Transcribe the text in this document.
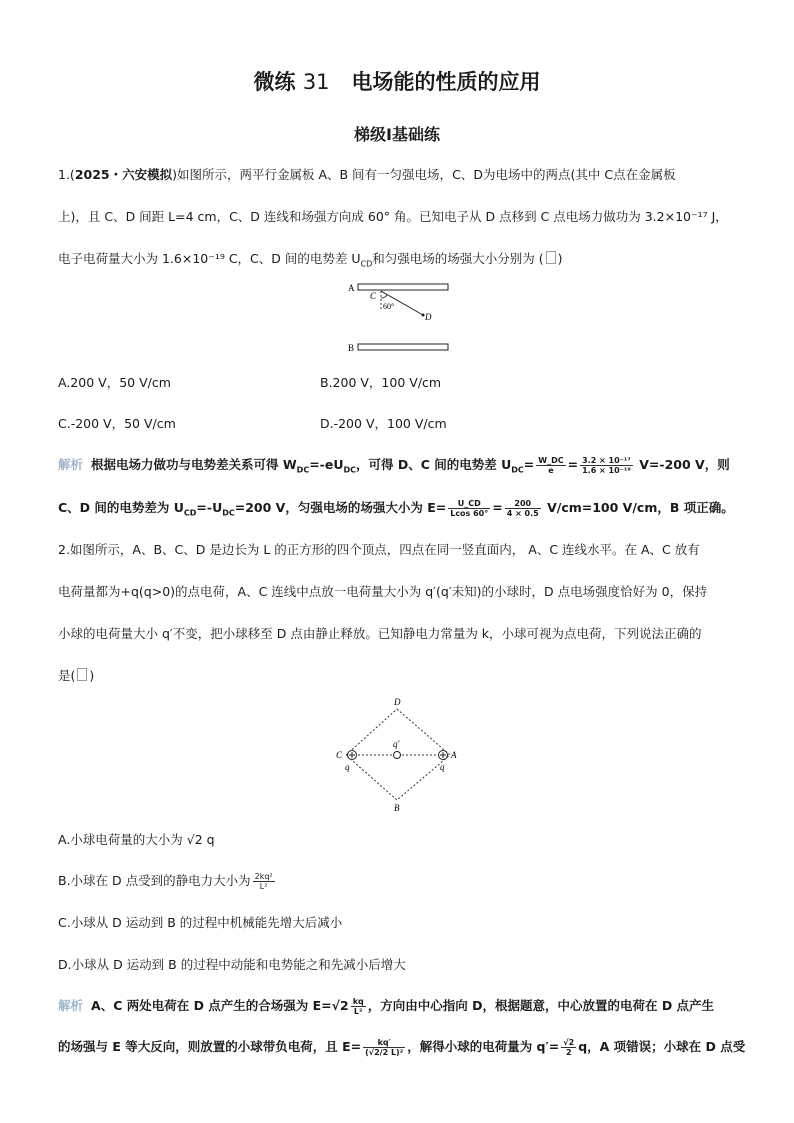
微练 31 电场能的性质的应用
梯级Ⅰ基础练
1.(2025・六安模拟)如图所示，两平行金属板 A、B 间有一匀强电场，C、D为电场中的两点(其中 C点在金属板
上)，且 C、D 间距 L=4 cm，C、D 连线和场强方向成 60° 角。已知电子从 D 点移到 C 点电场力做功为 3.2×10⁻¹⁷ J，
电子电荷量大小为 1.6×10⁻¹⁹ C，C、D 间的电势差 $U_{CD}$和匀强电场的场强大小分别为 ( )
A
B
C
D
60°
A.200 V，50 V/cm	B.200 V，100 V/cm
C.-200 V，50 V/cm	D.-200 V，100 V/cm
解析 根据电场力做功与电势差关系可得 $W_{DC}=-eU_{DC}$，可得 D、C 间的电势差 $U_{DC}= \frac{W\_DC}{e} = \frac{\text{3.2 × 10⁻¹⁷}}{\text{1.6 × 10⁻¹⁹}} V=-200$ V，则
C、D 间的电势差为 $U_{CD}=-U_{DC}=200$ V，匀强电场的场强大小为 $E= \frac{U\_CD}{Lcos 60^\circ} = \frac{200}{4 \times 0.5} V/cm=100$ V/cm，B 项正确。
2.如图所示，A、B、C、D 是边长为 L 的正方形的四个顶点，四点在同一竖直面内， A、C 连线水平。在 A、C 放有
电荷量都为+q(q>0)的点电荷，A、C 连线中点放一电荷量大小为 q′(q′未知)的小球时，D 点电场强度恰好为 0，保持
小球的电荷量大小 q′不变，把小球移至 D 点由静止释放。已知静电力常量为 k，小球可视为点电荷，下列说法正确的
是( )
D
B
C	A
q	q
q′
A.小球电荷量的大小为 √2 q
B.小球在 D 点受到的静电力大小为 $\frac{\text{2kq²}}{\text{L²}}$
C.小球从 D 运动到 B 的过程中机械能先增大后减小
D.小球从 D 运动到 B 的过程中动能和电势能之和先减小后增大
解析 A、C 两处电荷在 D 点产生的合场强为 $E=√2 \frac{kq}{\text{L²}}$ ，方向由中心指向 D，根据题意，中心放置的电荷在 D 点产生
的场强与 E 等大反向，则放置的小球带负电荷，且 $E= \frac{kq'}{\text{(√2/2 L)²}}$ ，解得小球的电荷量为 $q'= \frac{√2}{2}$ q，A 项错误；小球在 D 点受
